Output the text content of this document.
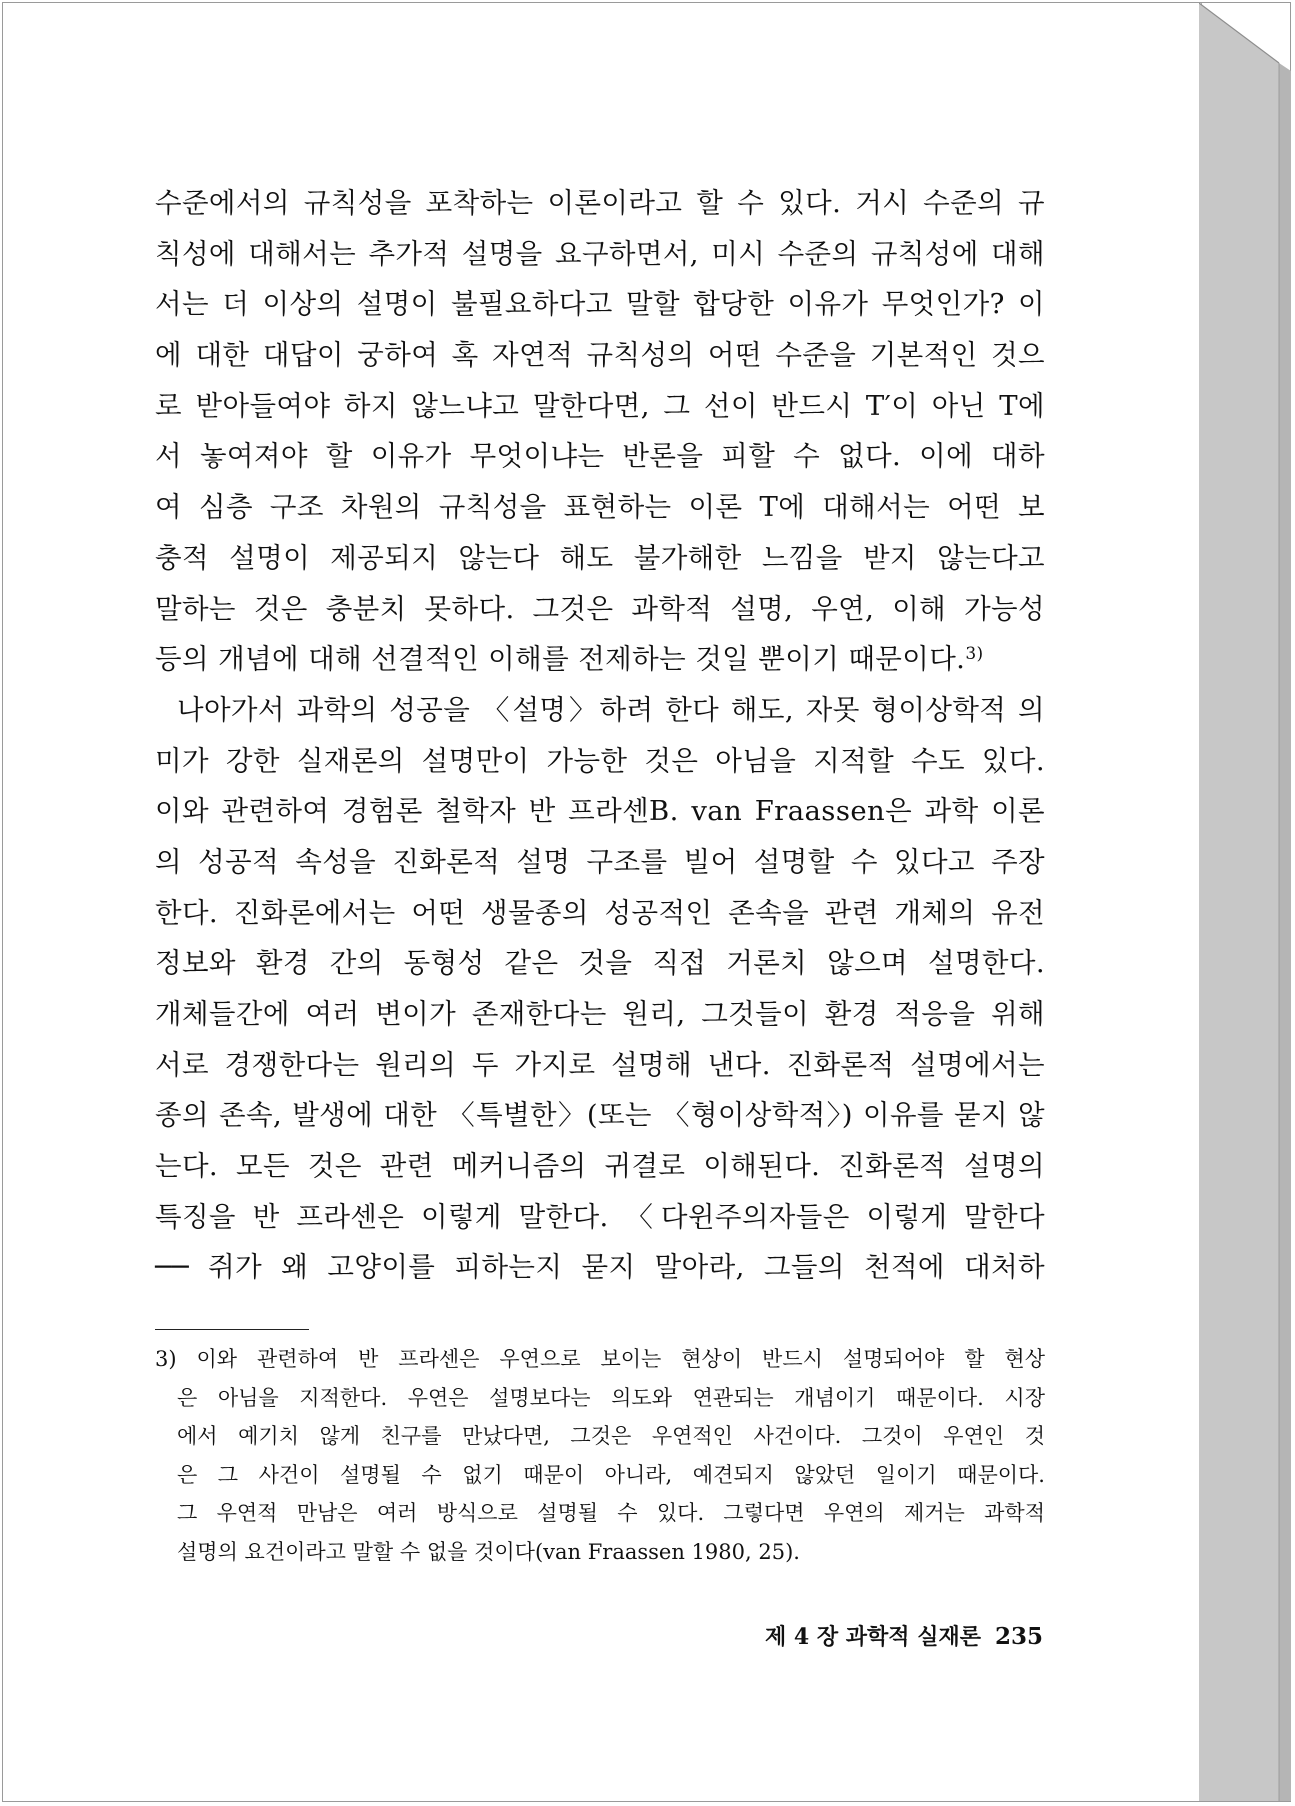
수준에서의 규칙성을 포착하는 이론이라고 할 수 있다. 거시 수준의 규
칙성에 대해서는 추가적 설명을 요구하면서, 미시 수준의 규칙성에 대해
서는 더 이상의 설명이 불필요하다고 말할 합당한 이유가 무엇인가? 이
에 대한 대답이 궁하여 혹 자연적 규칙성의 어떤 수준을 기본적인 것으
로 받아들여야 하지 않느냐고 말한다면, 그 선이 반드시 T′이 아닌 T에
서 놓여져야 할 이유가 무엇이냐는 반론을 피할 수 없다. 이에 대하
여 심층 구조 차원의 규칙성을 표현하는 이론 T에 대해서는 어떤 보
충적 설명이 제공되지 않는다 해도 불가해한 느낌을 받지 않는다고
말하는 것은 충분치 못하다. 그것은 과학적 설명, 우연, 이해 가능성
등의 개념에 대해 선결적인 이해를 전제하는 것일 뿐이기 때문이다.$^{3)}$
나아가서 과학의 성공을 〈설명〉하려 한다 해도, 자못 형이상학적 의
미가 강한 실재론의 설명만이 가능한 것은 아님을 지적할 수도 있다.
이와 관련하여 경험론 철학자 반 프라센B. van Fraassen은 과학 이론
의 성공적 속성을 진화론적 설명 구조를 빌어 설명할 수 있다고 주장
한다. 진화론에서는 어떤 생물종의 성공적인 존속을 관련 개체의 유전
정보와 환경 간의 동형성 같은 것을 직접 거론치 않으며 설명한다.
개체들간에 여러 변이가 존재한다는 원리, 그것들이 환경 적응을 위해
서로 경쟁한다는 원리의 두 가지로 설명해 낸다. 진화론적 설명에서는
종의 존속, 발생에 대한 〈특별한〉(또는 〈형이상학적〉) 이유를 묻지 않
는다. 모든 것은 관련 메커니즘의 귀결로 이해된다. 진화론적 설명의
특징을 반 프라센은 이렇게 말한다. 〈다윈주의자들은 이렇게 말한다
── 쥐가 왜 고양이를 피하는지 묻지 말아라, 그들의 천적에 대처하
3) 이와 관련하여 반 프라센은 우연으로 보이는 현상이 반드시 설명되어야 할 현상
은 아님을 지적한다. 우연은 설명보다는 의도와 연관되는 개념이기 때문이다. 시장
에서 예기치 않게 친구를 만났다면, 그것은 우연적인 사건이다. 그것이 우연인 것
은 그 사건이 설명될 수 없기 때문이 아니라, 예견되지 않았던 일이기 때문이다.
그 우연적 만남은 여러 방식으로 설명될 수 있다. 그렇다면 우연의 제거는 과학적
설명의 요건이라고 말할 수 없을 것이다(van Fraassen 1980, 25).
제 4 장 과학적 실재론 235
